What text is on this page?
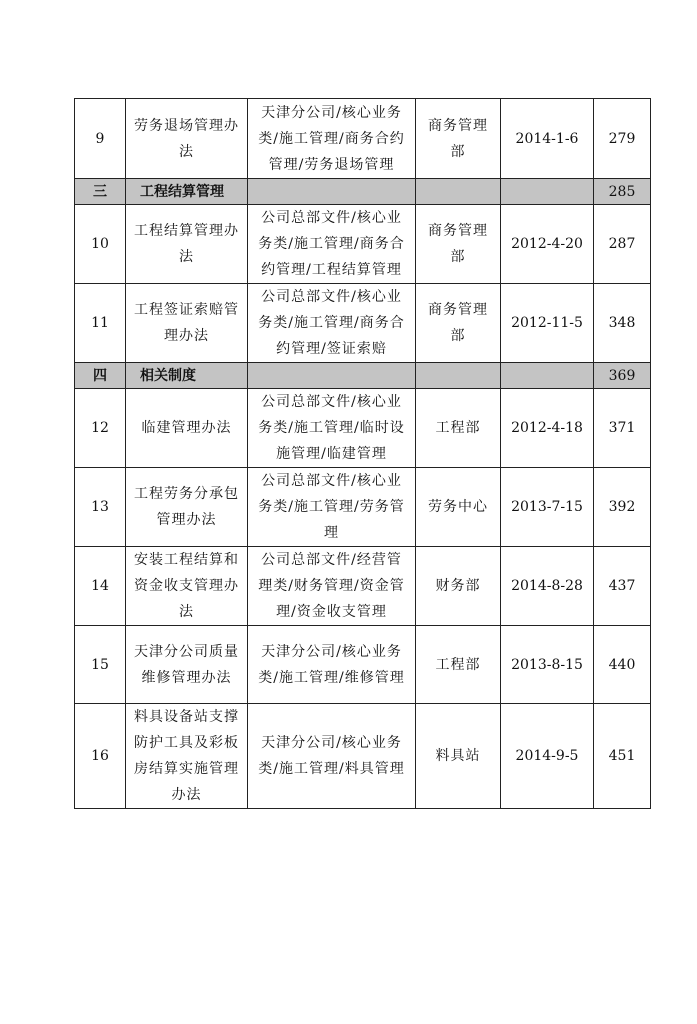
9	劳务退场管理办法	天津分公司/核心业务类/施工管理/商务合约管理/劳务退场管理	商务管理部	2014-1-6	279
三	工程结算管理				285
10	工程结算管理办法	公司总部文件/核心业务类/施工管理/商务合约管理/工程结算管理	商务管理部	2012-4-20	287
11	工程签证索赔管理办法	公司总部文件/核心业务类/施工管理/商务合约管理/签证索赔	商务管理部	2012-11-5	348
四	相关制度				369
12	临建管理办法	公司总部文件/核心业务类/施工管理/临时设施管理/临建管理	工程部	2012-4-18	371
13	工程劳务分承包管理办法	公司总部文件/核心业务类/施工管理/劳务管理	劳务中心	2013-7-15	392
14	安装工程结算和资金收支管理办法	公司总部文件/经营管理类/财务管理/资金管理/资金收支管理	财务部	2014-8-28	437
15	天津分公司质量维修管理办法	天津分公司/核心业务类/施工管理/维修管理	工程部	2013-8-15	440
16	料具设备站支撑防护工具及彩板房结算实施管理办法	天津分公司/核心业务类/施工管理/料具管理	料具站	2014-9-5	451
